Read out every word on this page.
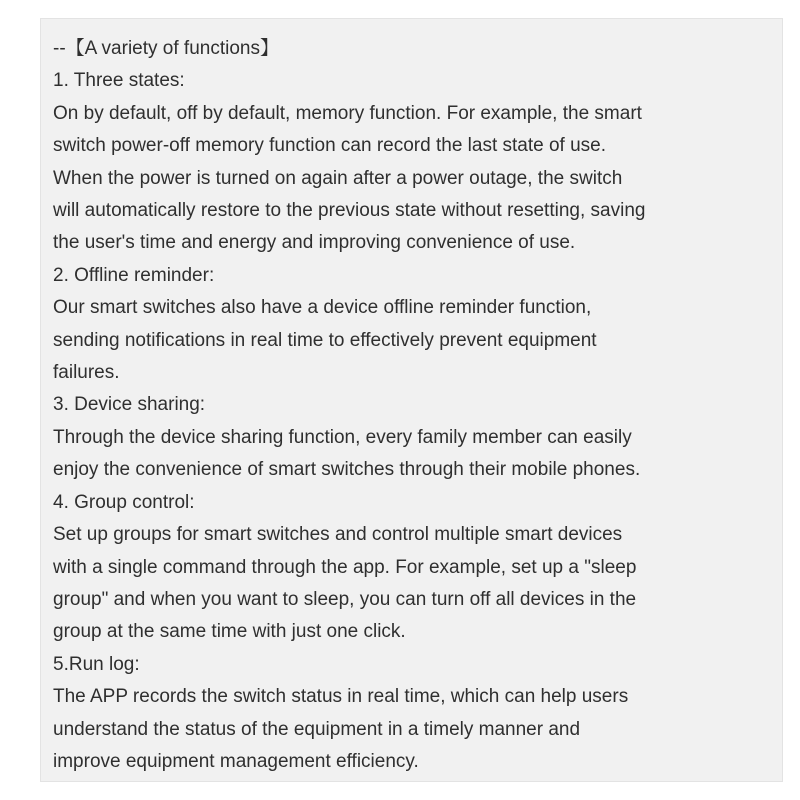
--【A variety of functions】
1. Three states:
On by default, off by default, memory function. For example, the smart
switch power-off memory function can record the last state of use.
When the power is turned on again after a power outage, the switch
will automatically restore to the previous state without resetting, saving
the user's time and energy and improving convenience of use.
2. Offline reminder:
Our smart switches also have a device offline reminder function,
sending notifications in real time to effectively prevent equipment
failures.
3. Device sharing:
Through the device sharing function, every family member can easily
enjoy the convenience of smart switches through their mobile phones.
4. Group control:
Set up groups for smart switches and control multiple smart devices
with a single command through the app. For example, set up a "sleep
group" and when you want to sleep, you can turn off all devices in the
group at the same time with just one click.
5.Run log:
The APP records the switch status in real time, which can help users
understand the status of the equipment in a timely manner and
improve equipment management efficiency.
